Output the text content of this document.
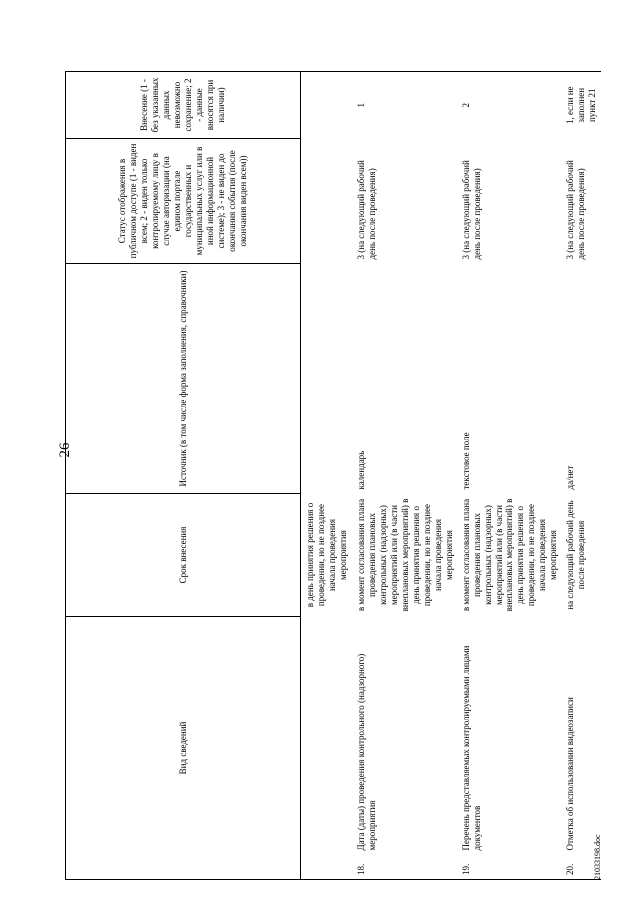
26
Вид сведений		Срок внесения	Источник (в том числе форма заполнения, справочники)	Статус отображения в публичном доступе (1 - виден всем; 2 - виден только контролируемому лицу в случае авторизации (на едином портале государственных и муниципальных услуг или в иной информационной системе); 3 - не виден до окончания события (после окончания виден всем))	Внесение (1 - без указанных данных невозможно сохранение; 2 - данные вносятся при наличии)
		в день принятия решения о проведении, но не позднее начала проведения мероприятия			
18.	Дата (даты) проведения контрольного (надзорного) мероприятия	в момент согласования плана проведения плановых контрольных (надзорных) мероприятий или (в части внеплановых мероприятий) в день принятия решения о проведении, но не позднее начала проведения мероприятия	календарь	3 (на следующий рабочий день после проведения)	1
19.	Перечень представляемых контролируемыми лицами документов	в момент согласования плана проведения плановых контрольных (надзорных) мероприятий или (в части внеплановых мероприятий) в день принятия решения о проведении, но не позднее начала проведения мероприятия	текстовое поле	3 (на следующий рабочий день после проведения)	2
20.	Отметка об использовании видеозаписи	на следующий рабочий день после проведения	да/нет	3 (на следующий рабочий день после проведения)	1, если не заполнен пункт 21
21033198.doc
